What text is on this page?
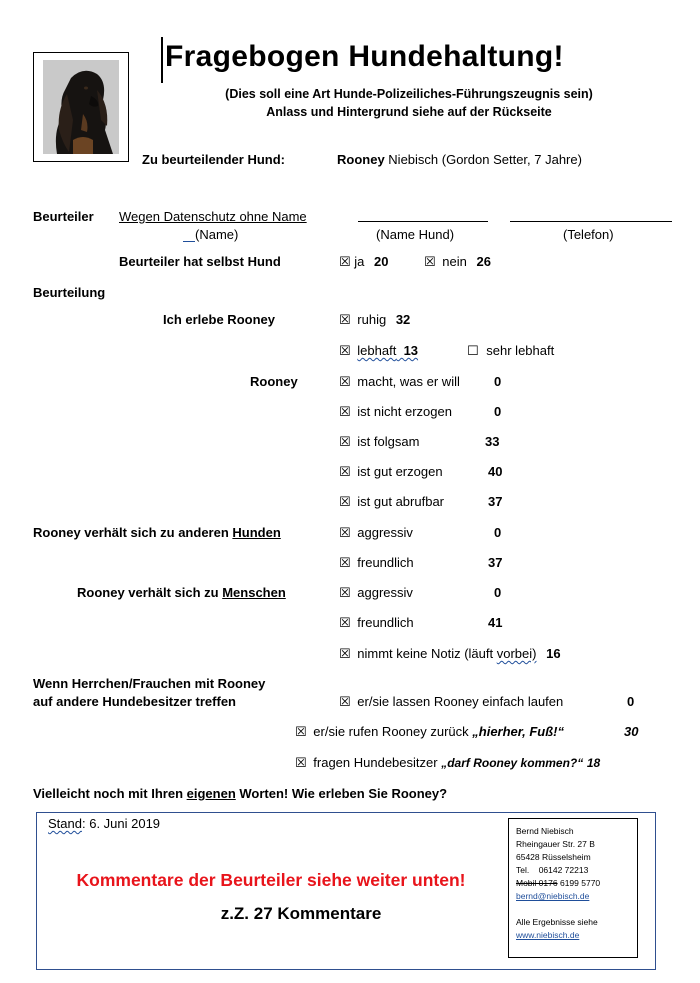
Fragebogen Hundehaltung!
(Dies soll eine Art Hunde-Polizeiliches-Führungszeugnis sein)
Anlass und Hintergrund siehe auf der Rückseite
Zu beurteilender Hund:	Rooney Niebisch (Gordon Setter, 7 Jahre)
Beurteiler Wegen Datenschutz ohne Name
(Name)	(Name Hund)	(Telefon)
Beurteiler hat selbst Hund	☒ ja 20	☒ nein 26
Beurteilung
Ich erlebe Rooney	☒ ruhig 32
☒ lebhaft 13	☐ sehr lebhaft
Rooney	☒ macht, was er will	0
☒ ist nicht erzogen	0
☒ ist folgsam	33
☒ ist gut erzogen	40
☒ ist gut abrufbar	37
Rooney verhält sich zu anderen Hunden	☒ aggressiv	0
☒ freundlich	37
Rooney verhält sich zu Menschen	☒ aggressiv	0
☒ freundlich	41
☒ nimmt keine Notiz (läuft vorbei) 16
Wenn Herrchen/Frauchen mit Rooney
auf andere Hundebesitzer treffen	☒ er/sie lassen Rooney einfach laufen	0
☒ er/sie rufen Rooney zurück „hierher, Fuß!“	30
☒ fragen Hundebesitzer „darf Rooney kommen?“ 18
Vielleicht noch mit Ihren eigenen Worten! Wie erleben Sie Rooney?
Stand: 6. Juni 2019
Kommentare der Beurteiler siehe weiter unten!
z.Z. 27 Kommentare
Bernd Niebisch
Rheingauer Str. 27 B
65428 Rüsselsheim
Tel. 06142 72213
Mobil 0176 6199 5770
bernd@niebisch.de
Alle Ergebnisse siehe
www.niebisch.de
